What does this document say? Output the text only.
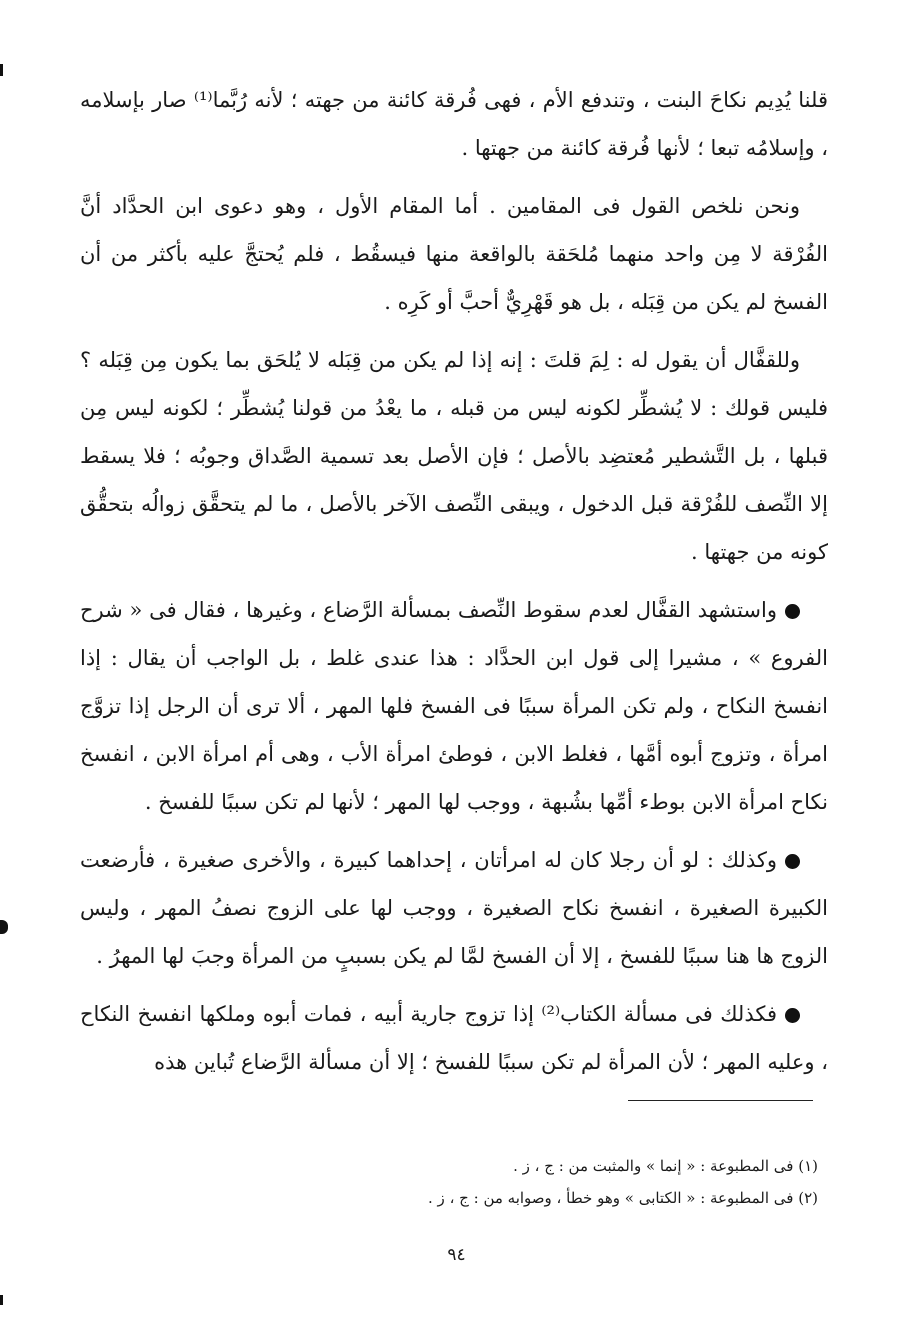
قلنا يُدِيم نكاحَ البنت ، وتندفع الأم ، فهى فُرقة كائنة من جهته ؛ لأنه رُبَّما⁽¹⁾ صار بإسلامه ، وإسلامُه تبعا ؛ لأنها فُرقة كائنة من جهتها .

ونحن نلخص القول فى المقامين . أما المقام الأول ، وهو دعوى ابن الحدَّاد أنَّ الفُرْقة لا مِن واحد منهما مُلحَقة بالواقعة منها فيسقُط ، فلم يُحتجَّ عليه بأكثر من أن الفسخ لم يكن من قِبَله ، بل هو قَهْرِيٌّ أحبَّ أو كَرِه .

وللقفَّال أن يقول له : لِمَ قلتَ : إنه إذا لم يكن من قِبَله لا يُلحَق بما يكون مِن قِبَله ؟ فليس قولك : لا يُشطِّر لكونه ليس من قبله ، ما يعْدُ من قولنا يُشطِّر ؛ لكونه ليس مِن قبلها ، بل التَّشطير مُعتضِد بالأصل ؛ فإن الأصل بعد تسمية الصَّداق وجوبُه ؛ فلا يسقط إلا النِّصف للفُرْقة قبل الدخول ، ويبقى النِّصف الآخر بالأصل ، ما لم يتحقَّق زوالُه بتحقُّق كونه من جهتها .

واستشهد القفَّال لعدم سقوط النِّصف بمسألة الرَّضاع ، وغيرها ، فقال فى « شرح الفروع » ، مشيرا إلى قول ابن الحدَّاد : هذا عندى غلط ، بل الواجب أن يقال : إذا انفسخ النكاح ، ولم تكن المرأة سببًا فى الفسخ فلها المهر ، ألا ترى أن الرجل إذا تزوَّج امرأة ، وتزوج أبوه أمَّها ، فغلط الابن ، فوطئ امرأة الأب ، وهى أم امرأة الابن ، انفسخ نكاح امرأة الابن بوطء أمِّها بشُبهة ، ووجب لها المهر ؛ لأنها لم تكن سببًا للفسخ .

وكذلك : لو أن رجلا كان له امرأتان ، إحداهما كبيرة ، والأخرى صغيرة ، فأرضعت الكبيرة الصغيرة ، انفسخ نكاح الصغيرة ، ووجب لها على الزوج نصفُ المهر ، وليس الزوج ها هنا سببًا للفسخ ، إلا أن الفسخ لمَّا لم يكن بسببٍ من المرأة وجبَ لها المهرُ .

فكذلك فى مسألة الكتاب⁽²⁾ إذا تزوج جارية أبيه ، فمات أبوه وملكها انفسخ النكاح ، وعليه المهر ؛ لأن المرأة لم تكن سببًا للفسخ ؛ إلا أن مسألة الرَّضاع تُباين هذه

(١) فى المطبوعة : « إنما » والمثبت من : ج ، ز .

(٢) فى المطبوعة : « الكتابى » وهو خطأ ، وصوابه من : ج ، ز .

٩٤
